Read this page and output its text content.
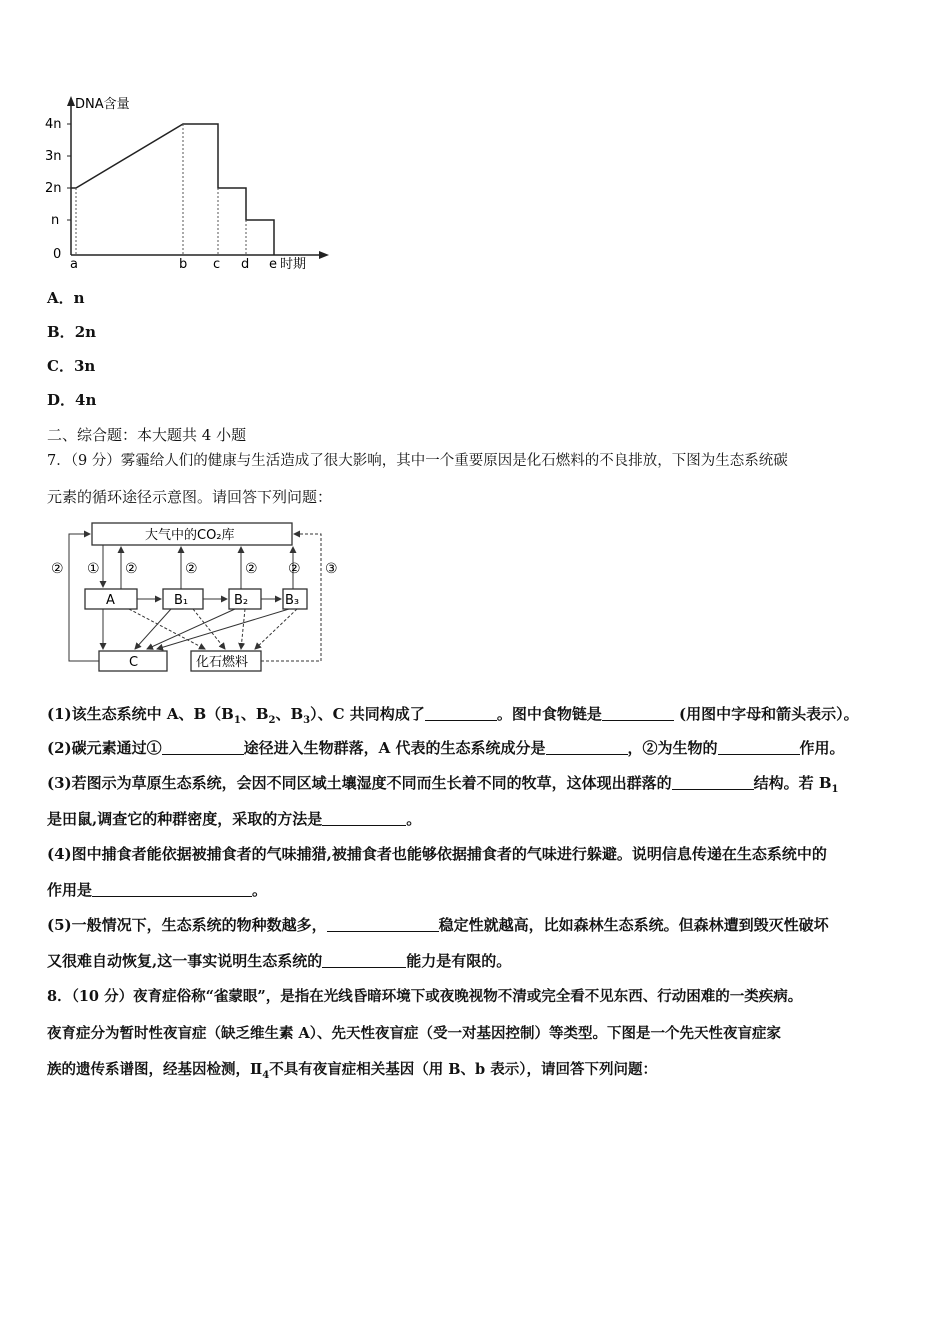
DNA含量
时期
4n
3n
2n
n
0
a	b c d e
A．n
B．2n
C．3n
D．4n
二、综合题：本大题共 4 小题
7．（9 分）雾霾给人们的健康与生活造成了很大影响，其中一个重要原因是化石燃料的不良排放，下图为生态系统碳
元素的循环途径示意图。请回答下列问题：
大气中的CO₂库
A	B₁	B₂	B₃
C	化石燃料
① ②	②	② ②
②	③
(1)该生态系统中 A、$B(B_1$、$B_2$、$B_3$）、C 共同构成了	。图中食物链是	(用图中字母和箭头表示）。
(2)碳元素通过①	途径进入生物群落，A 代表的生态系统成分是	，②为生物的	作用。
(3)若图示为草原生态系统，会因不同区域土壤湿度不同而生长着不同的牧草，这体现出群落的	结构。若 $B_1$
是田鼠,调查它的种群密度，采取的方法是	。
(4)图中捕食者能依据被捕食者的气味捕猎,被捕食者也能够依据捕食者的气味进行躲避。说明信息传递在生态系统中的
作用是	。
(5)一般情况下，生态系统的物种数越多，	稳定性就越高，比如森林生态系统。但森林遭到毁灭性破坏
又很难自动恢复,这一事实说明生态系统的	能力是有限的。
8．（10 分）夜育症俗称“雀蒙眼”，是指在光线昏暗环境下或夜晚视物不清或完全看不见东西、行动困难的一类疾病。
夜育症分为暂时性夜盲症（缺乏维生素 A）、先天性夜盲症（受一对基因控制）等类型。下图是一个先天性夜盲症家
族的遗传系谱图，经基因检测，$Ⅱ_4$不具有夜盲症相关基因（用 B、b 表示），请回答下列问题：
